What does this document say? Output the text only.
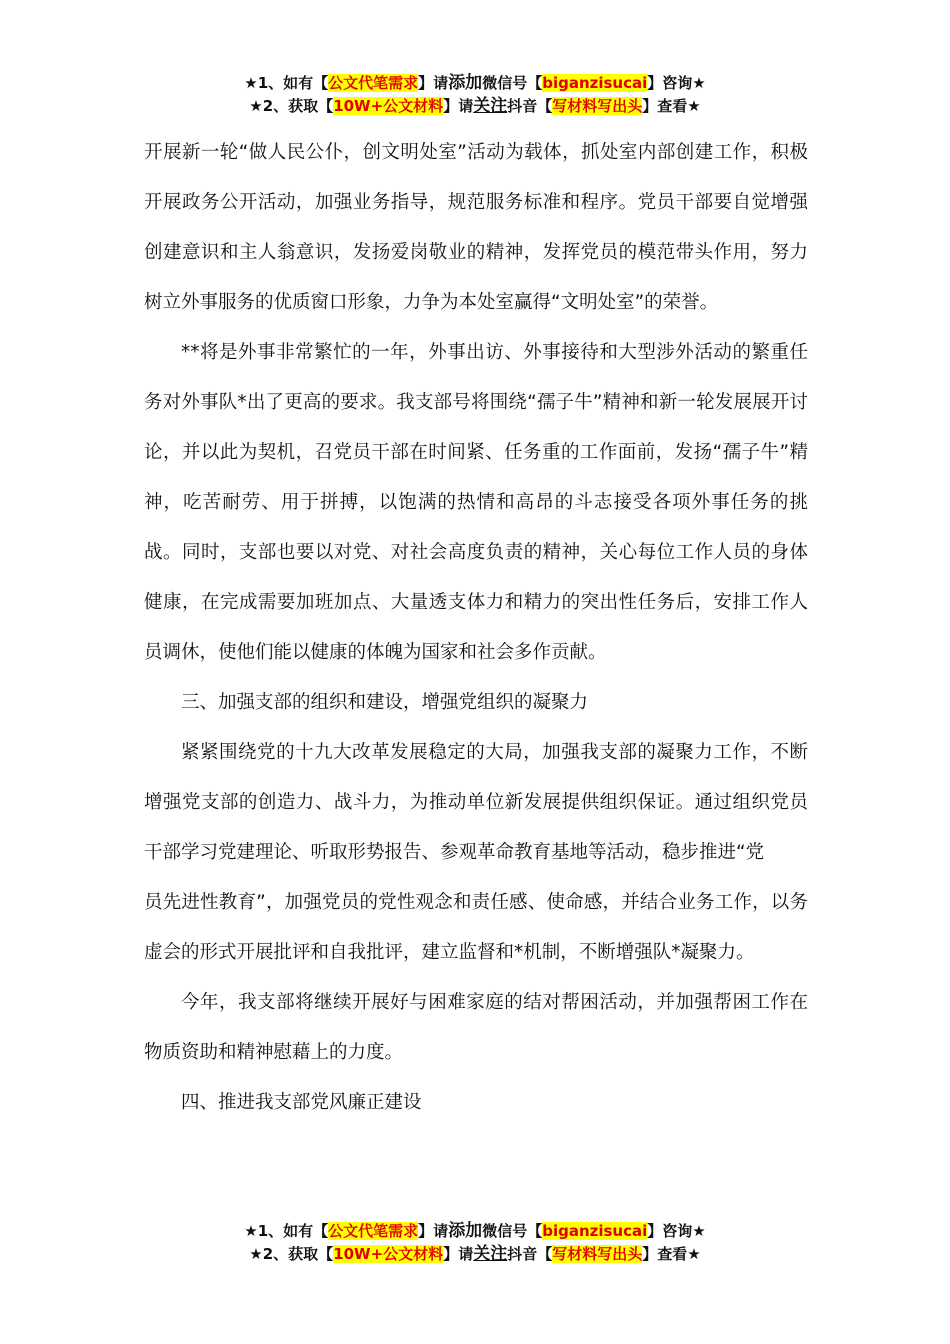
★1、如有【公文代笔需求】请添加微信号【biganzisucai】咨询★
★2、获取【10W+公文材料】请关注抖音【写材料写出头】查看★

开展新一轮“做人民公仆，创文明处室”活动为载体，抓处室内部创建工作，积极开展政务公开活动，加强业务指导，规范服务标准和程序。党员干部要自觉增强创建意识和主人翁意识，发扬爱岗敬业的精神，发挥党员的模范带头作用，努力树立外事服务的优质窗口形象，力争为本处室赢得“文明处室”的荣誉。

**将是外事非常繁忙的一年，外事出访、外事接待和大型涉外活动的繁重任务对外事队*出了更高的要求。我支部号将围绕“孺子牛”精神和新一轮发展展开讨论，并以此为契机，召党员干部在时间紧、任务重的工作面前，发扬“孺子牛”精神，吃苦耐劳、用于拼搏，以饱满的热情和高昂的斗志接受各项外事任务的挑战。同时，支部也要以对党、对社会高度负责的精神，关心每位工作人员的身体健康，在完成需要加班加点、大量透支体力和精力的突出性任务后，安排工作人员调休，使他们能以健康的体魄为国家和社会多作贡献。

三、加强支部的组织和建设，增强党组织的凝聚力

紧紧围绕党的十九大改革发展稳定的大局，加强我支部的凝聚力工作，不断增强党支部的创造力、战斗力，为推动单位新发展提供组织保证。通过组织党员干部学习党建理论、听取形势报告、参观革命教育基地等活动，稳步推进“党

员先进性教育”，加强党员的党性观念和责任感、使命感，并结合业务工作，以务虚会的形式开展批评和自我批评，建立监督和*机制，不断增强队*凝聚力。

今年，我支部将继续开展好与困难家庭的结对帮困活动，并加强帮困工作在物质资助和精神慰藉上的力度。

四、推进我支部党风廉正建设

★1、如有【公文代笔需求】请添加微信号【biganzisucai】咨询★
★2、获取【10W+公文材料】请关注抖音【写材料写出头】查看★
